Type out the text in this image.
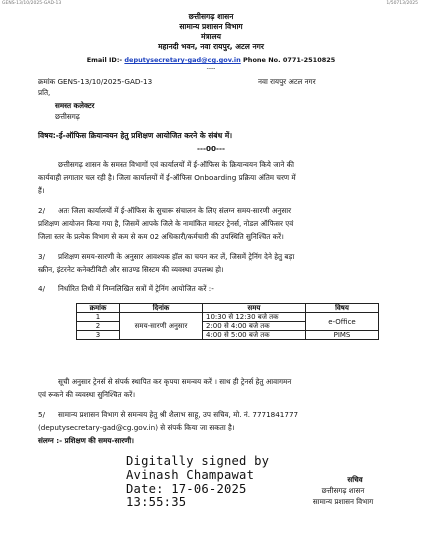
GENS-13/10/2025-GAD-13	1/50713/2025
छत्तीसगढ़ शासन
सामान्य प्रशासन विभाग
मंत्रालय
महानदी भवन, नवा रायपुर, अटल नगर
Email ID:- deputysecretary-gad@cg.gov.in Phone No. 0771-2510825
----
क्रमांक GENS-13/10/2025-GAD-13	नवा रायपुर अटल नगर
प्रति,
समस्त कलेक्टर
छत्तीसगढ़
विषय:-ई-ऑफिस क्रियान्वयन हेतु प्रशिक्षण आयोजित करने के संबंध में।
---00---
छत्तीसगढ़ शासन के समस्त विभागों एवं कार्यालयों में ई-ऑफिस के क्रियान्वयन किये जाने की
कार्यवाही लगातार चल रही है। जिला कार्यालयों में ई-ऑफिस Onboarding प्रक्रिया अंतिम चरण में
हैं।
2/ अतः जिला कार्यालयों में ई-ऑफिस के सुचारू संचालन के लिए संलग्न समय-सारणी अनुसार
प्रशिक्षण आयोजन किया गया है, जिसमें आपके जिले के नामांकित मास्टर ट्रेनर्स, नोडल ऑफिसर एवं
जिला स्तर के प्रत्येक विभाग से कम से कम 02 अधिकारी/कर्मचारी की उपस्थिति सुनिश्चित करें।
3/ प्रशिक्षण समय-सारणी के अनुसार आवश्यक हॉल का चयन कर लें, जिसमें ट्रेनिंग देने हेतु बड़ा
स्क्रीन, इंटरनेट कनेक्टीविटी और साउण्ड सिस्टम की व्यवस्था उपलब्ध हो।
4/ निर्धारित तिथी में निम्नलिखित सत्रों में ट्रेनिंग आयोजित करें :-
क्रमांक	दिनांक	समय	विषय
1	समय-सारणी अनुसार	10:30 से 12:30 बजे तक	e-Office
2		2:00 से 4:00 बजे तक	
3		4:00 से 5:00 बजे तक	PIMS
सूची अनुसार ट्रेनर्स से संपर्क स्थापित कर कृपया समन्वय करें । साथ ही ट्रेनर्स हेतु आवागमन
एवं रूकने की व्यवस्था सुनिश्चित करें।
5/ सामान्य प्रशासन विभाग से समन्वय हेतु श्री शैलाभ साहू, उप सचिव, मो. नं. 7771841777
(deputysecretary-gad@cg.gov.in) से संपर्क किया जा सकता है।
संलग्न :- प्रशिक्षण की समय-सारणी।
Digitally signed by
Avinash Champawat
Date: 17-06-2025
13:55:35
सचिव
छत्तीसगढ़ शासन
सामान्य प्रशासन विभाग
